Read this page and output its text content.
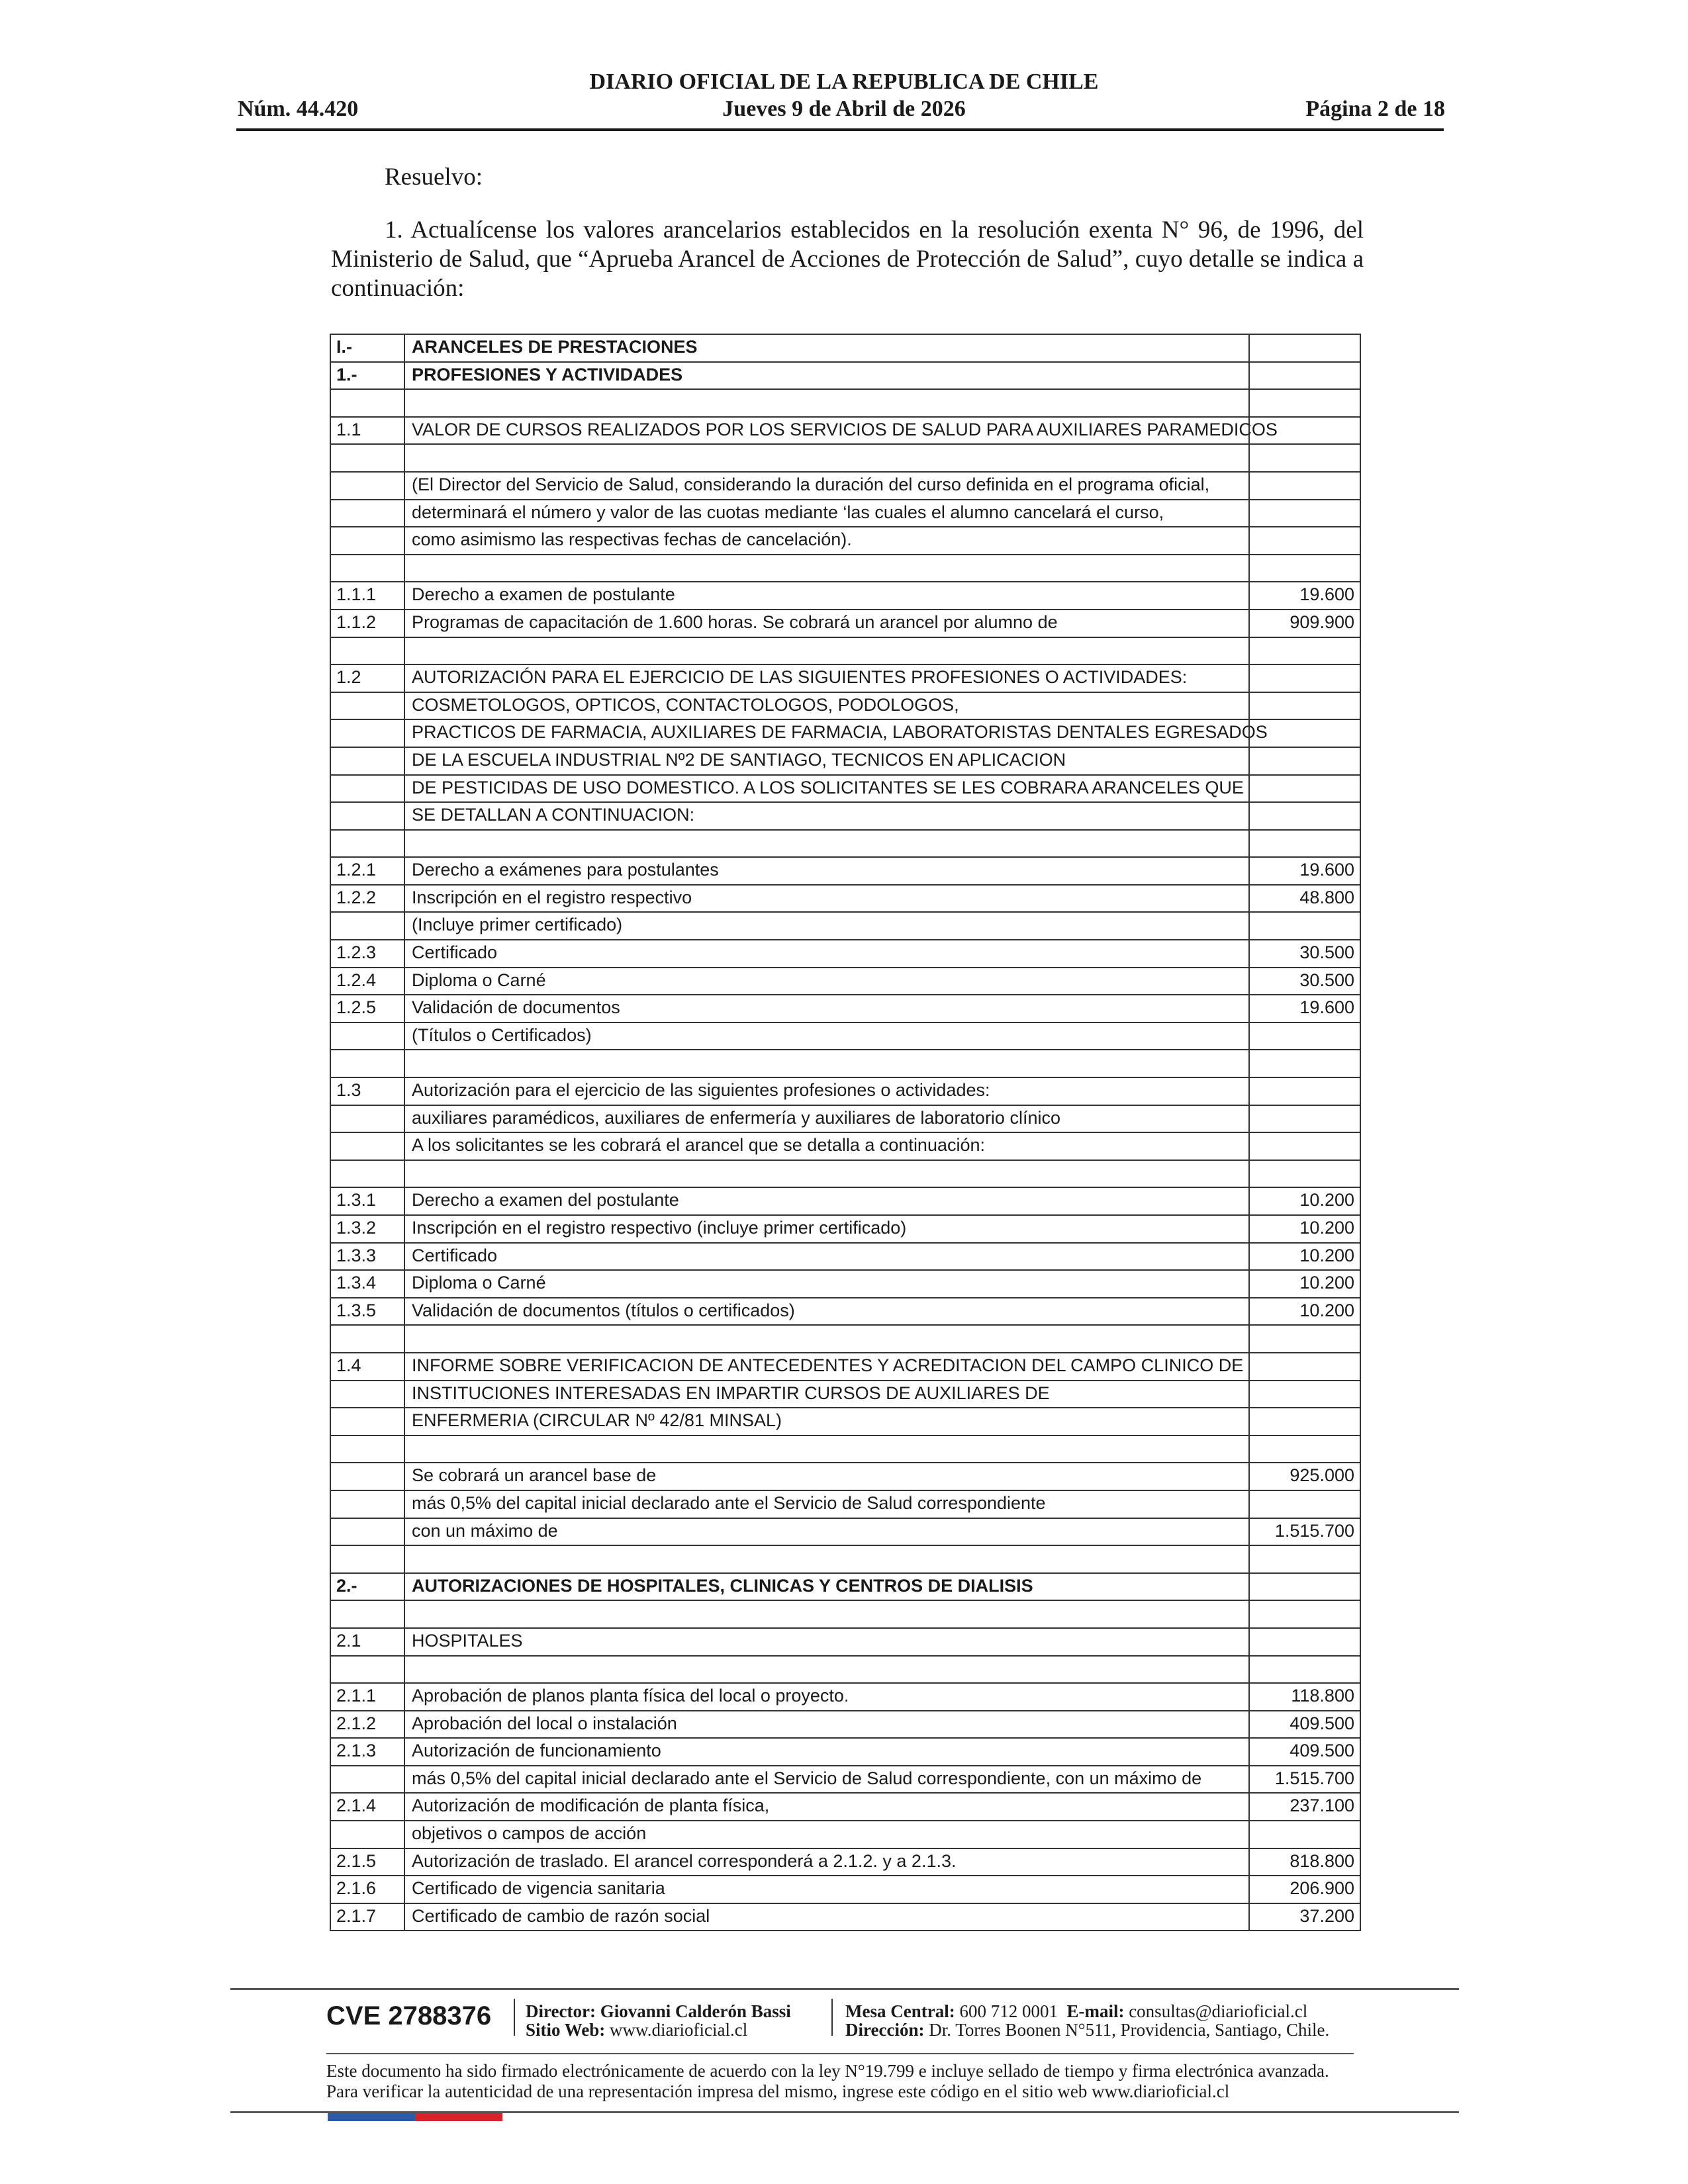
DIARIO OFICIAL DE LA REPUBLICA DE CHILE
Núm. 44.420	Jueves 9 de Abril de 2026	Página 2 de 18
Resuelvo:
1. Actualícense los valores arancelarios establecidos en la resolución exenta N° 96, de 1996, del Ministerio de Salud, que “Aprueba Arancel de Acciones de Protección de Salud”, cuyo detalle se indica a continuación:
I.-	ARANCELES DE PRESTACIONES
1.-	PROFESIONES Y ACTIVIDADES
1.1	VALOR DE CURSOS REALIZADOS POR LOS SERVICIOS DE SALUD PARA AUXILIARES PARAMEDICOS
(El Director del Servicio de Salud, considerando la duración del curso definida en el programa oficial,
determinará el número y valor de las cuotas mediante ‘las cuales el alumno cancelará el curso,
como asimismo las respectivas fechas de cancelación).
1.1.1	Derecho a examen de postulante	19.600
1.1.2	Programas de capacitación de 1.600 horas. Se cobrará un arancel por alumno de	909.900
1.2	AUTORIZACIÓN PARA EL EJERCICIO DE LAS SIGUIENTES PROFESIONES O ACTIVIDADES:
COSMETOLOGOS, OPTICOS, CONTACTOLOGOS, PODOLOGOS,
PRACTICOS DE FARMACIA, AUXILIARES DE FARMACIA, LABORATORISTAS DENTALES EGRESADOS
DE LA ESCUELA INDUSTRIAL Nº2 DE SANTIAGO, TECNICOS EN APLICACION
DE PESTICIDAS DE USO DOMESTICO. A LOS SOLICITANTES SE LES COBRARA ARANCELES QUE
SE DETALLAN A CONTINUACION:
1.2.1	Derecho a exámenes para postulantes	19.600
1.2.2	Inscripción en el registro respectivo	48.800
(Incluye primer certificado)
1.2.3	Certificado	30.500
1.2.4	Diploma o Carné	30.500
1.2.5	Validación de documentos	19.600
(Títulos o Certificados)
1.3	Autorización para el ejercicio de las siguientes profesiones o actividades:
auxiliares paramédicos, auxiliares de enfermería y auxiliares de laboratorio clínico
A los solicitantes se les cobrará el arancel que se detalla a continuación:
1.3.1	Derecho a examen del postulante	10.200
1.3.2	Inscripción en el registro respectivo (incluye primer certificado)	10.200
1.3.3	Certificado	10.200
1.3.4	Diploma o Carné	10.200
1.3.5	Validación de documentos (títulos o certificados)	10.200
1.4	INFORME SOBRE VERIFICACION DE ANTECEDENTES Y ACREDITACION DEL CAMPO CLINICO DE
INSTITUCIONES INTERESADAS EN IMPARTIR CURSOS DE AUXILIARES DE
ENFERMERIA (CIRCULAR Nº 42/81 MINSAL)
Se cobrará un arancel base de	925.000
más 0,5% del capital inicial declarado ante el Servicio de Salud correspondiente
con un máximo de	1.515.700
2.-	AUTORIZACIONES DE HOSPITALES, CLINICAS Y CENTROS DE DIALISIS
2.1	HOSPITALES
2.1.1	Aprobación de planos planta física del local o proyecto.	118.800
2.1.2	Aprobación del local o instalación	409.500
2.1.3	Autorización de funcionamiento	409.500
más 0,5% del capital inicial declarado ante el Servicio de Salud correspondiente, con un máximo de	1.515.700
2.1.4	Autorización de modificación de planta física,	237.100
objetivos o campos de acción
2.1.5	Autorización de traslado. El arancel corresponderá a 2.1.2. y a 2.1.3.	818.800
2.1.6	Certificado de vigencia sanitaria	206.900
2.1.7	Certificado de cambio de razón social	37.200
CVE 2788376 Director: Giovanni Calderón Bassi
Sitio Web: www.diarioficial.cl
Mesa Central: 600 712 0001 E-mail: consultas@diarioficial.cl
Dirección: Dr. Torres Boonen N°511, Providencia, Santiago, Chile.
Este documento ha sido firmado electrónicamente de acuerdo con la ley N°19.799 e incluye sellado de tiempo y firma electrónica avanzada. Para verificar la autenticidad de una representación impresa del mismo, ingrese este código en el sitio web www.diarioficial.cl
